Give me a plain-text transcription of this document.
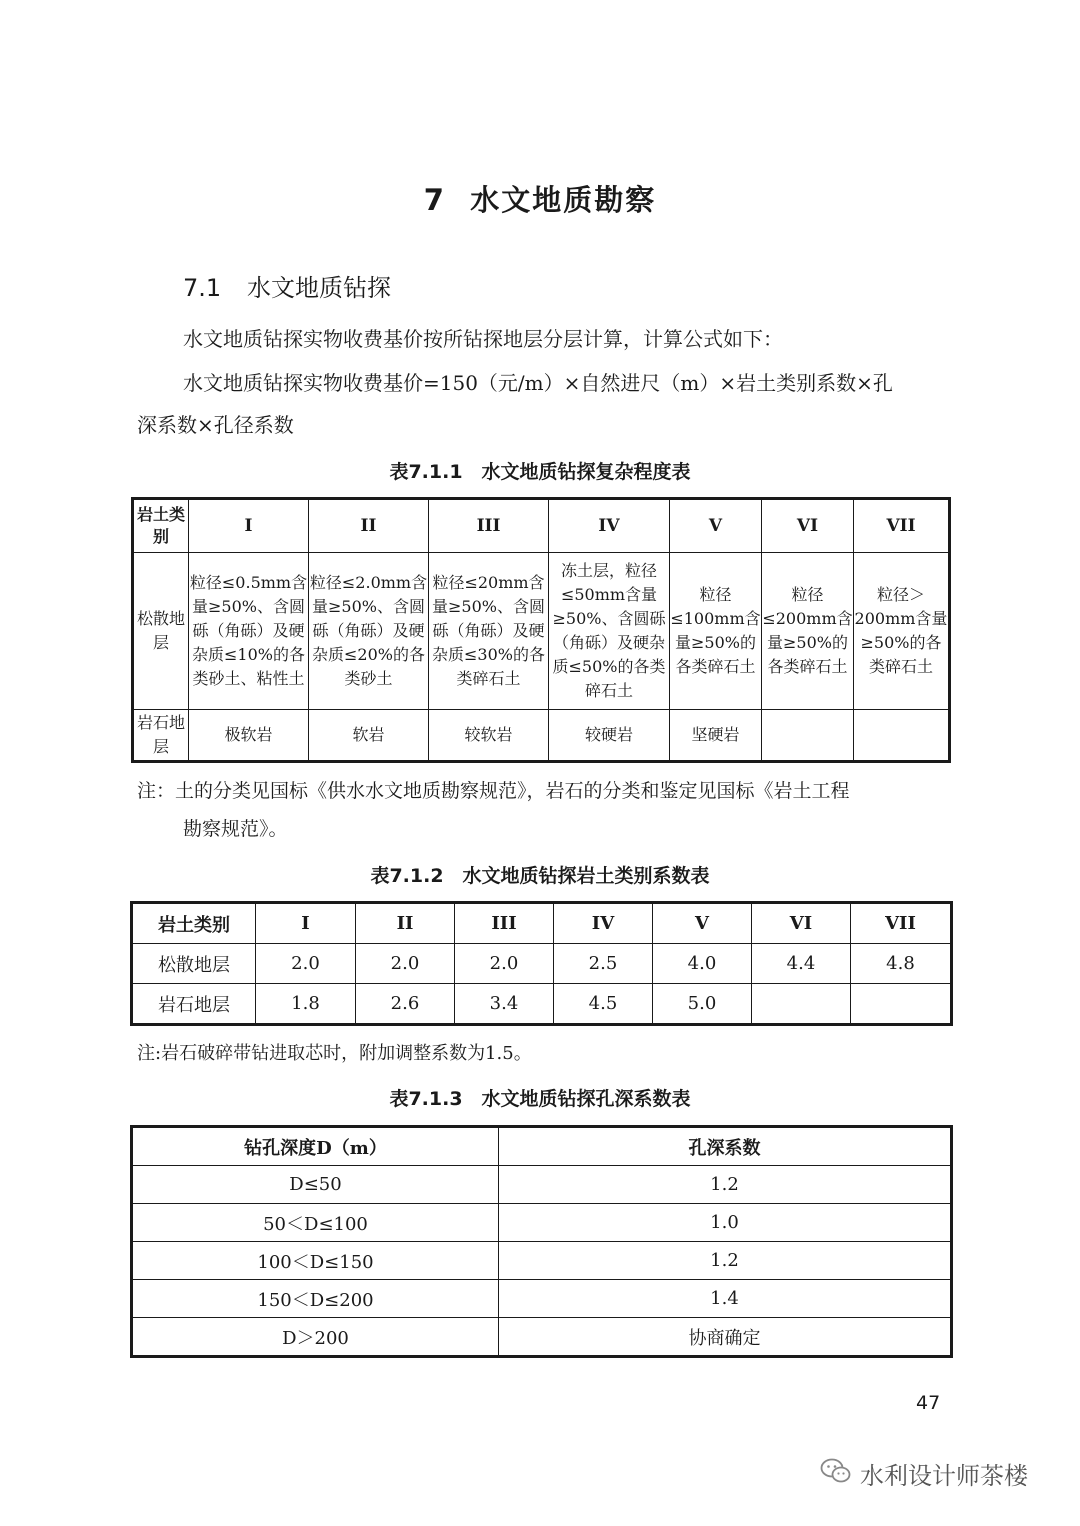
7 水文地质勘察
7.1 水文地质钻探
水文地质钻探实物收费基价按所钻探地层分层计算，计算公式如下：
水文地质钻探实物收费基价=150（元/m）×自然进尺（m）×岩土类别系数×孔
深系数×孔径系数
表7.1.1　水文地质钻探复杂程度表
岩土类别	I	II	III	IV	V	VI	VII
松散地层	粒径≤0.5mm含量≥50%、含圆砾（角砾）及硬杂质≤10%的各类砂土、粘性土	粒径≤2.0mm含量≥50%、含圆砾（角砾）及硬杂质≤20%的各类砂土	粒径≤20mm含量≥50%、含圆砾（角砾）及硬杂质≤30%的各类碎石土	冻土层，粒径≤50mm含量≥50%、含圆砾（角砾）及硬杂质≤50%的各类碎石土	粒径≤100mm含量≥50%的各类碎石土	粒径≤200mm含量≥50%的各类碎石土	粒径＞200mm含量≥50%的各类碎石土
岩石地层	极软岩	软岩	较软岩	较硬岩	坚硬岩		
注：土的分类见国标《供水水文地质勘察规范》，岩石的分类和鉴定见国标《岩土工程
勘察规范》。
表7.1.2　水文地质钻探岩土类别系数表
岩土类别	I	II	III	IV	V	VI	VII
松散地层	2.0	2.0	2.0	2.5	4.0	4.4	4.8
岩石地层	1.8	2.6	3.4	4.5	5.0		
注:岩石破碎带钻进取芯时，附加调整系数为1.5。
表7.1.3　水文地质钻探孔深系数表
钻孔深度D（m）	孔深系数
D≤50	1.2
50＜D≤100	1.0
100＜D≤150	1.2
150＜D≤200	1.4
D＞200	协商确定
47
水利设计师茶楼
